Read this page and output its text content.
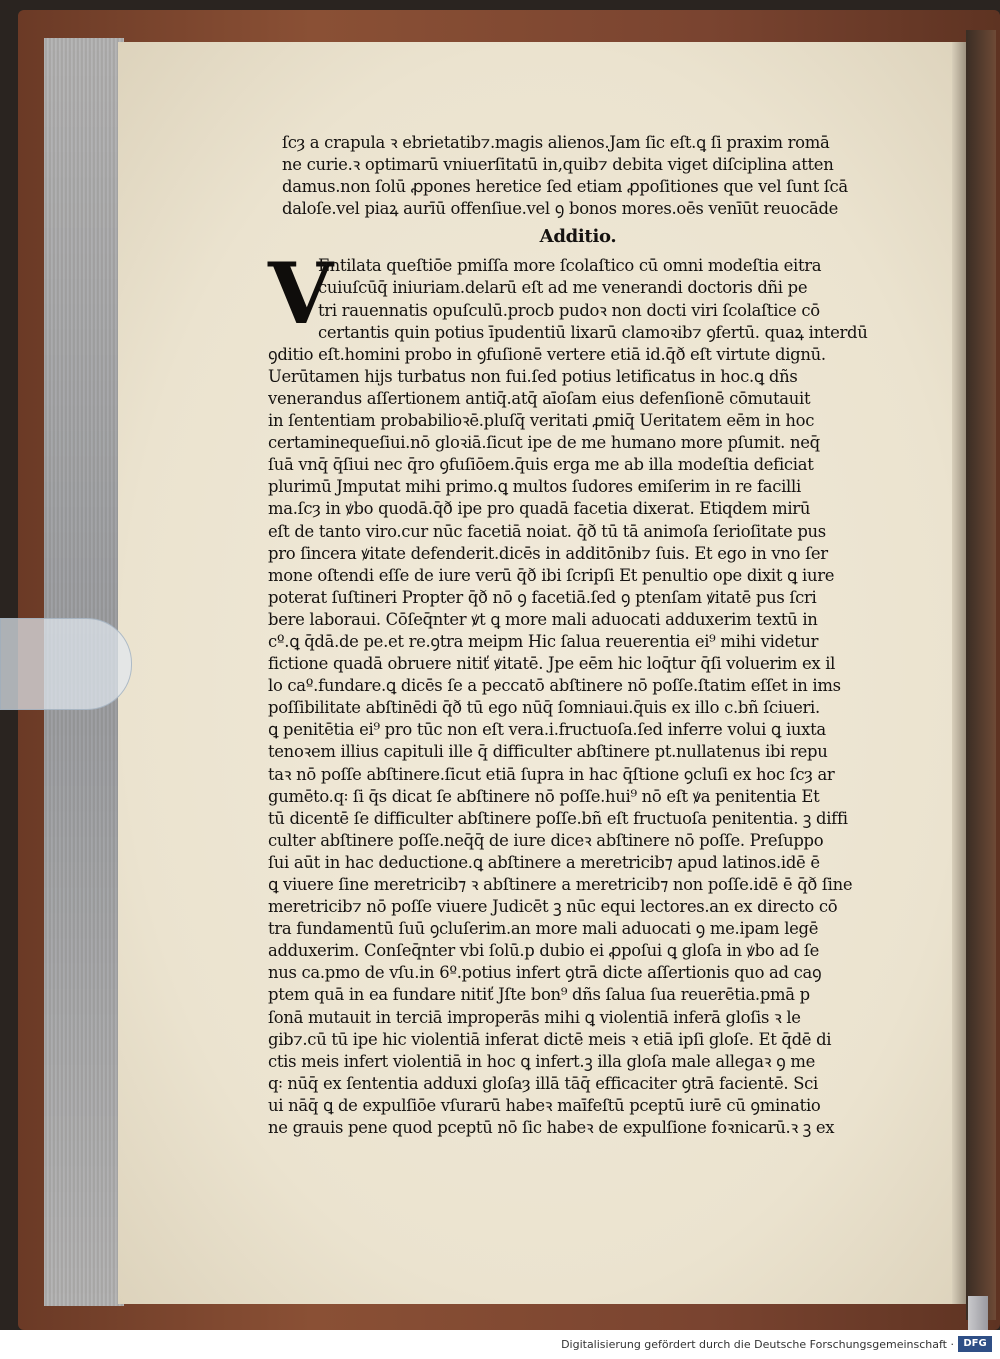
ſcȝ a crapula ꝛ ebrietatib⁊.magis alienos.Jam ſic eſt.ꝗ ſi praxim romā
ne curie.ꝛ optimarū vniuerſitatū in,quib⁊ debita viget diſciplina atten
damus.non ſolū ꝓpones heretice ſed etiam ꝓpoſitiones que vel ſunt ſcā
daloſe.vel piaꝝ aurīū offenſiue.vel ꝯ bonos mores.oēs venīūt reuocāde
Additio.
V
Entilata queſtiōe pmiſſa more ſcolaſtico cū omni modeſtia eitra
cuiuſcūq̄ iniuriam.delarū eſt ad me venerandi doctoris dñi pe
tri rauennatis opuſculū.procb pudoꝛ non docti viri ſcolaſtice cō
certantis quin potius īpudentiū lixarū clamoꝛib⁊ ꝯfertū. quaꝝ interdū
ꝯditio eſt.homini probo in ꝯfuſionē vertere etiā id.q̄ð eſt virtute dignū.
Uerūtamen hijs turbatus non fui.ſed potius letificatus in hoc.ꝗ dñs
venerandus aſſertionem antiq̄.atq̄ aīoſam eius defenſionē cōmutauit
in ſententiam probabilioꝛē.pluſq̄ veritati ꝓmiq̄ Ueritatem eēm in hoc
certaminequeſiui.nō gloꝛiā.ſicut ipe de me humano more pſumit. neq̄
ſuā vnq̄ q̄ſiui nec q̄ro ꝯfuſiōem.q̄uis erga me ab illa modeſtia deficiat
plurimū Jmputat mihi primo.ꝗ multos ſudores emiſerim in re facilli
ma.ſcȝ in ꝟbo quodā.q̄ð ipe pro quadā facetia dixerat. Etiqdem mirū
eſt de tanto viro.cur nūc facetiā noiat. q̄ð tū tā animoſa ſerioſitate pus
pro ſincera ꝟitate defenderit.dicēs in additōnib⁊ ſuis. Et ego in vno ſer
mone oſtendi eſſe de iure verū q̄ð ibi ſcripſi Et penultio ope dixit ꝗ iure
poterat ſuſtineri Propter q̄ð nō ꝯ facetiā.ſed ꝯ ptenſam ꝟitatē pus ſcri
bere laboraui. Cōſeq̄nter ꝟt ꝗ more mali aduocati adduxerim textū in
cº.ꝗ q̄dā.de pe.et re.ꝯtra meipm Hic ſalua reuerentia ei⁹ mihi videtur
fictione quadā obruere nitiť ꝟitatē. Jpe eēm hic loq̄tur q̄ſi voluerim ex il
lo caº.fundare.ꝗ dicēs ſe a peccatō abſtinere nō poſſe.ſtatim eſſet in ims
poſſibilitate abſtinēdi q̄ð tū ego nūq̄ ſomniaui.q̄uis ex illo c.bñ ſciueri.
ꝗ penitētia ei⁹ pro tūc non eſt vera.i.fructuoſa.ſed inferre volui ꝗ iuxta
tenoꝛem illius capituli ille q̄ difficulter abſtinere pt.nullatenus ibi repu
taꝛ nō poſſe abſtinere.ſicut etiā ſupra in hac q̄ſtione ꝯcluſi ex hoc ſcȝ ar
gumēto.q꞉ ſi q̄s dicat ſe abſtinere nō poſſe.hui⁹ nō eſt ꝟa penitentia Et
tū dicentē ſe difficulter abſtinere poſſe.bñ eſt fructuoſa penitentia. ꝫ diffi
culter abſtinere poſſe.neq̄q̄ de iure diceꝛ abſtinere nō poſſe. Preſuppo
ſui aūt in hac deductione.ꝗ abſtinere a meretricib⁊ apud latinos.idē ē
ꝗ viuere ſine meretricib⁊ ꝛ abſtinere a meretricib⁊ non poſſe.idē ē q̄ð ſine
meretricib⁊ nō poſſe viuere Judicēt ꝫ nūc equi lectores.an ex directo cō
tra fundamentū ſuū ꝯcluſerim.an more mali aduocati ꝯ me.ipam legē
adduxerim. Conſeq̄nter vbi ſolū.p dubio ei ꝓpoſui ꝗ gloſa in ꝟbo ad ſe
nus ca.pmo de vſu.in 6º.potius infert ꝯtrā dicte aſſertionis quo ad caꝯ
ptem quā in ea fundare nitiť Jſte bon⁹ dñs ſalua ſua reuerētia.pmā p
ſonā mutauit in terciā improperās mihi ꝗ violentiā inferā gloſis ꝛ le
gib⁊.cū tū ipe hic violentiā inferat dictē meis ꝛ etiā ipſi gloſe. Et q̄dē di
ctis meis infert violentiā in hoc ꝗ infert.ꝫ illa gloſa male allegaꝛ ꝯ me
q꞉ nūq̄ ex ſententia adduxi gloſaȝ illā tāq̄ efficaciter ꝯtrā facientē. Sci
ui nāq̄ ꝗ de expulſiōe vſurarū habeꝛ maīfeſtū pceptū iurē cū ꝯminatio
ne grauis pene quod pceptū nō ſic habeꝛ de expulſione foꝛnicarū.ꝛ ꝫ ex
Digitalisierung gefördert durch die Deutsche Forschungsgemeinschaft · DFG
